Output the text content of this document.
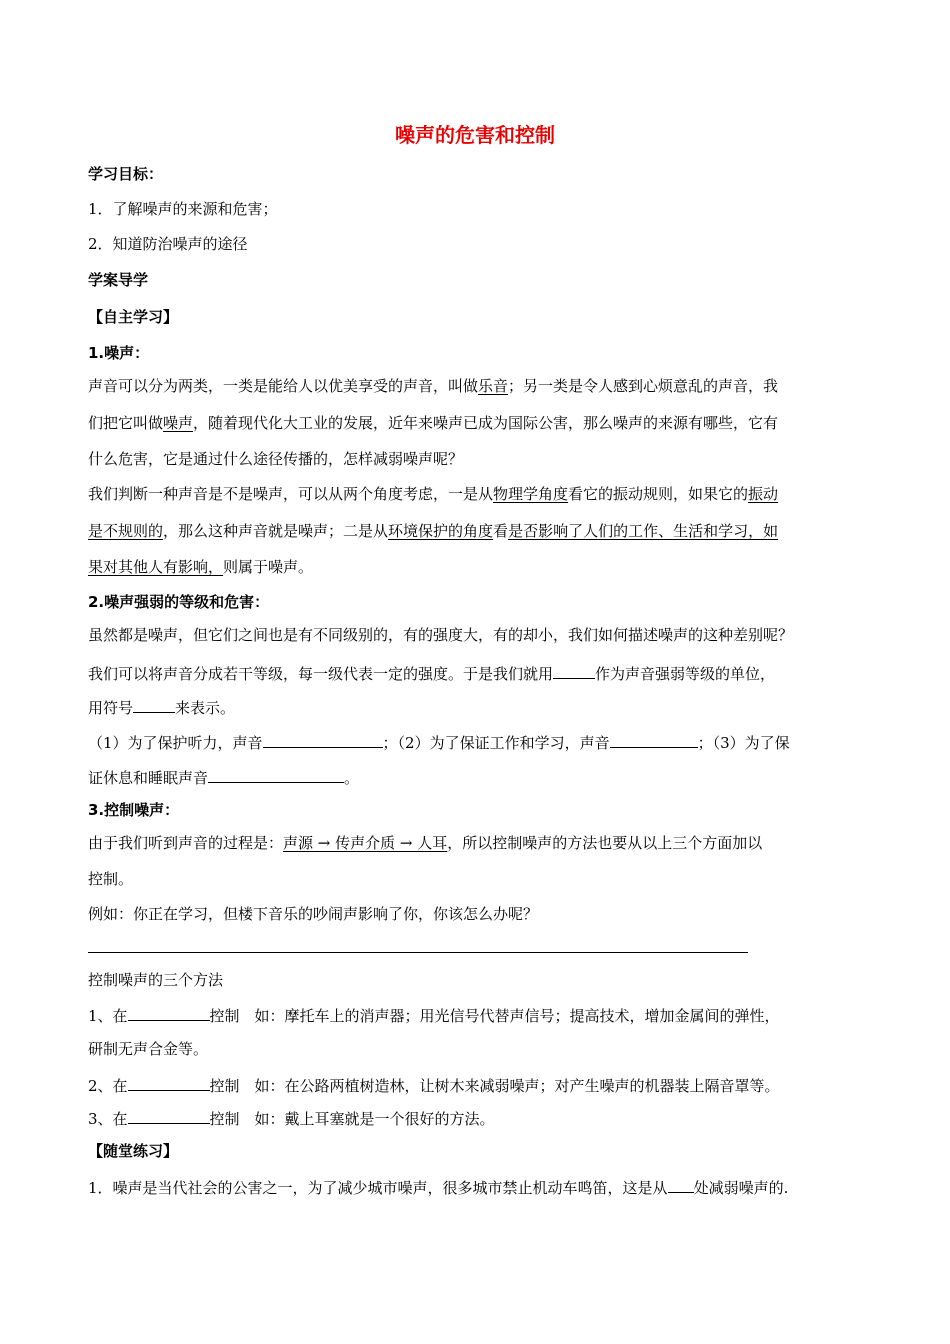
噪声的危害和控制
学习目标：
1．了解噪声的来源和危害；
2．知道防治噪声的途径
学案导学
【自主学习】
1.噪声：
声音可以分为两类，一类是能给人以优美享受的声音，叫做乐音；另一类是令人感到心烦意乱的声音，我
们把它叫做噪声，随着现代化大工业的发展，近年来噪声已成为国际公害，那么噪声的来源有哪些，它有
什么危害，它是通过什么途径传播的，怎样减弱噪声呢？
我们判断一种声音是不是噪声，可以从两个角度考虑，一是从物理学角度看它的振动规则，如果它的振动
是不规则的，那么这种声音就是噪声；二是从环境保护的角度看是否影响了人们的工作、生活和学习，如
果对其他人有影响，则属于噪声。
2.噪声强弱的等级和危害：
虽然都是噪声，但它们之间也是有不同级别的，有的强度大，有的却小，我们如何描述噪声的这种差别呢？
我们可以将声音分成若干等级，每一级代表一定的强度。于是我们就用	作为声音强弱等级的单位，
用符号	来表示。
（1）为了保护听力，声音	；（2）为了保证工作和学习，声音	；（3）为了保
证休息和睡眠声音	。
3.控制噪声：
由于我们听到声音的过程是：声源 → 传声介质 → 人耳，所以控制噪声的方法也要从以上三个方面加以
控制。
例如：你正在学习，但楼下音乐的吵闹声影响了你，你该怎么办呢？
控制噪声的三个方法
1、在	控制　如：摩托车上的消声器；用光信号代替声信号；提高技术，增加金属间的弹性，
研制无声合金等。
2、在	控制　如：在公路两植树造林，让树木来减弱噪声；对产生噪声的机器装上隔音罩等。
3、在	控制　如：戴上耳塞就是一个很好的方法。
【随堂练习】
1．噪声是当代社会的公害之一，为了减少城市噪声，很多城市禁止机动车鸣笛，这是从 处减弱噪声的.
